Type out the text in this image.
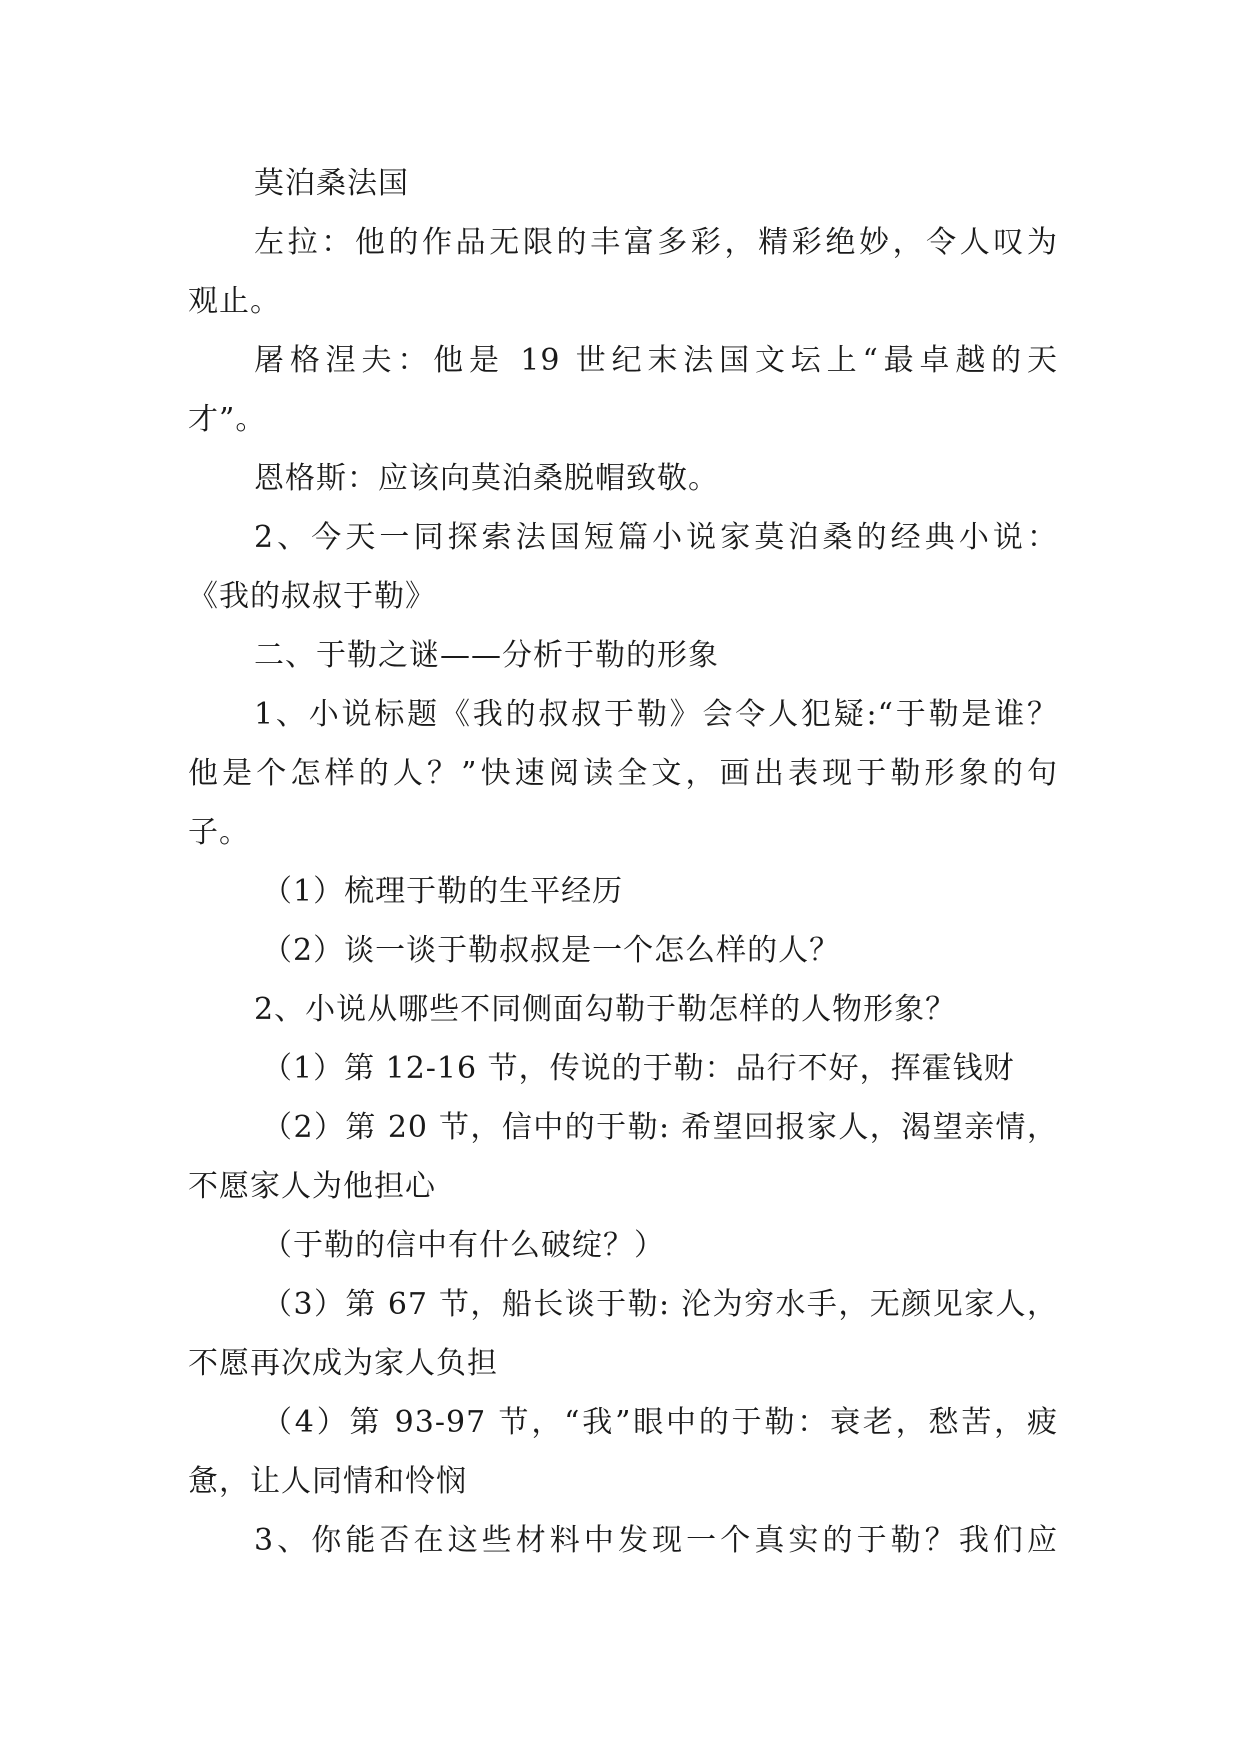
莫泊桑法国
左拉：他的作品无限的丰富多彩，精彩绝妙，令人叹为
观止。
屠格涅夫：他是 19 世纪末法国文坛上“最卓越的天
才”。
恩格斯：应该向莫泊桑脱帽致敬。
2、今天一同探索法国短篇小说家莫泊桑的经典小说：
《我的叔叔于勒》
二、于勒之谜——分析于勒的形象
1、小说标题《我的叔叔于勒》会令人犯疑:“于勒是谁？
他是个怎样的人？”快速阅读全文，画出表现于勒形象的句
子。
（1）梳理于勒的生平经历
（2）谈一谈于勒叔叔是一个怎么样的人？
2、小说从哪些不同侧面勾勒于勒怎样的人物形象？
（1）第 12-16 节，传说的于勒：品行不好，挥霍钱财
（2）第 20 节，信中的于勒: 希望回报家人，渴望亲情，
不愿家人为他担心
（于勒的信中有什么破绽？）
（3）第 67 节，船长谈于勒: 沦为穷水手，无颜见家人，
不愿再次成为家人负担
（4）第 93-97 节，“我”眼中的于勒：衰老，愁苦，疲
惫，让人同情和怜悯
3、你能否在这些材料中发现一个真实的于勒？我们应
